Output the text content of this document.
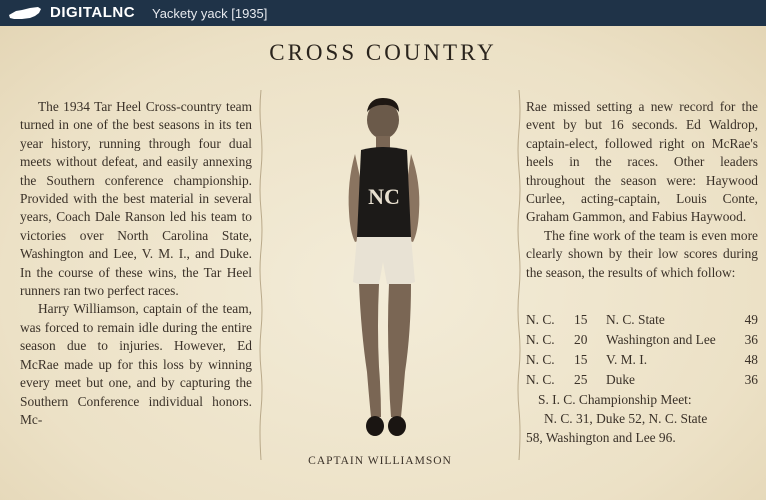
DIGITALNC Yackety yack [1935]
CROSS COUNTRY

The 1934 Tar Heel Cross-country team turned in one of the best seasons in its ten year history, running through four dual meets without defeat, and easily annexing the Southern conference championship. Provided with the best material in several years, Coach Dale Ranson led his team to victories over North Carolina State, Washington and Lee, V. M. I., and Duke. In the course of these wins, the Tar Heel runners ran two perfect races.

Harry Williamson, captain of the team, was forced to remain idle during the entire season due to injuries. However, Ed McRae made up for this loss by winning every meet but one, and by capturing the Southern Conference individual honors. Mc-

NC
CAPTAIN WILLIAMSON

Rae missed setting a new record for the event by but 16 seconds. Ed Waldrop, captain-elect, followed right on McRae's heels in the races. Other leaders throughout the season were: Haywood Curlee, acting-captain, Louis Conte, Graham Gammon, and Fabius Haywood.

The fine work of the team is even more clearly shown by their low scores during the season, the results of which follow:

N. C. 15 N. C. State	49
N. C. 20 Washington and Lee 36
N. C. 15 V. M. I.	48
N. C. 25 Duke	36
S. I. C. Championship Meet:
N. C. 31, Duke 52, N. C. State
58, Washington and Lee 96.
